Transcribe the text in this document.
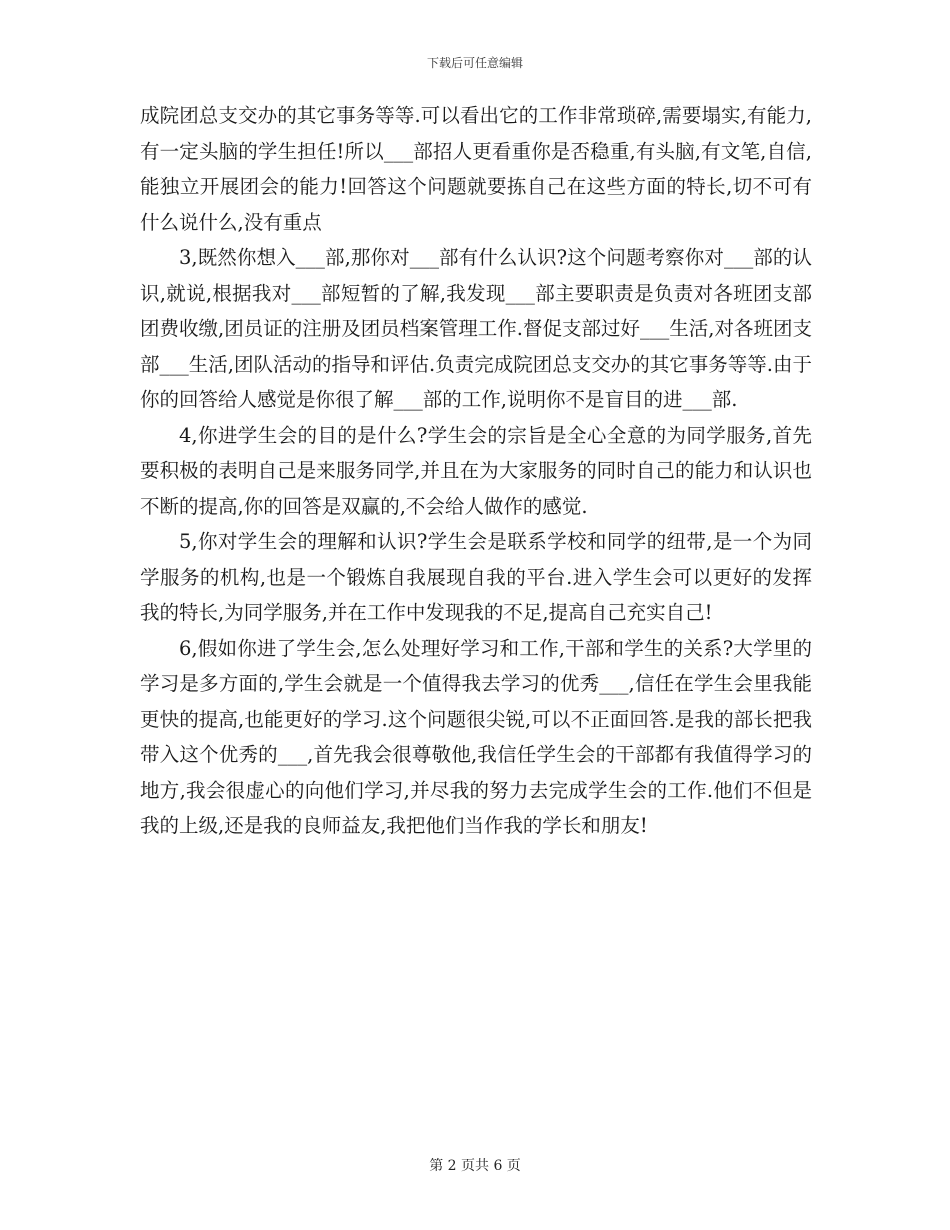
下载后可任意编辑

成院团总支交办的其它事务等等.可以看出它的工作非常琐碎,需要塌实,有能力,有一定头脑的学生担任!所以___部招人更看重你是否稳重,有头脑,有文笔,自信,能独立开展团会的能力!回答这个问题就要拣自己在这些方面的特长,切不可有什么说什么,没有重点

3,既然你想入___部,那你对___部有什么认识?这个问题考察你对___部的认识,就说,根据我对___部短暂的了解,我发现___部主要职责是负责对各班团支部团费收缴,团员证的注册及团员档案管理工作.督促支部过好___生活,对各班团支部___生活,团队活动的指导和评估.负责完成院团总支交办的其它事务等等.由于你的回答给人感觉是你很了解___部的工作,说明你不是盲目的进___部.

4,你进学生会的目的是什么?学生会的宗旨是全心全意的为同学服务,首先要积极的表明自己是来服务同学,并且在为大家服务的同时自己的能力和认识也不断的提高,你的回答是双赢的,不会给人做作的感觉.

5,你对学生会的理解和认识?学生会是联系学校和同学的纽带,是一个为同学服务的机构,也是一个锻炼自我展现自我的平台.进入学生会可以更好的发挥我的特长,为同学服务,并在工作中发现我的不足,提高自己充实自己!

6,假如你进了学生会,怎么处理好学习和工作,干部和学生的关系?大学里的学习是多方面的,学生会就是一个值得我去学习的优秀___,信任在学生会里我能更快的提高,也能更好的学习.这个问题很尖锐,可以不正面回答.是我的部长把我带入这个优秀的___,首先我会很尊敬他,我信任学生会的干部都有我值得学习的地方,我会很虚心的向他们学习,并尽我的努力去完成学生会的工作.他们不但是我的上级,还是我的良师益友,我把他们当作我的学长和朋友!

第 2 页共 6 页
